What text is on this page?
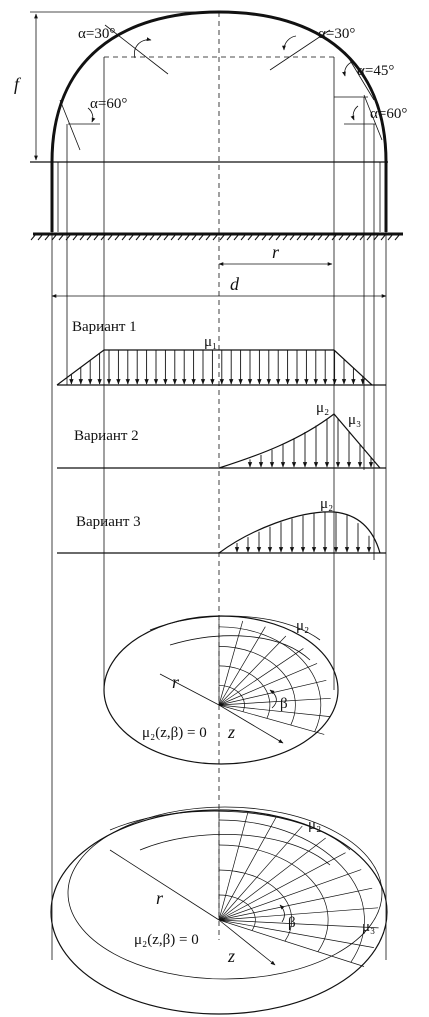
f
α=30°	α=30°
α=45°
α=60°
α=60°
r
d
Вариант 1
μ₁
Вариант 2
μ₂
μ₃
Вариант 3
μ₂
r
β
z
μ₂
μ₂(z,β) = 0
r
β
z
μ₂
μ₃
μ₂(z,β) = 0
